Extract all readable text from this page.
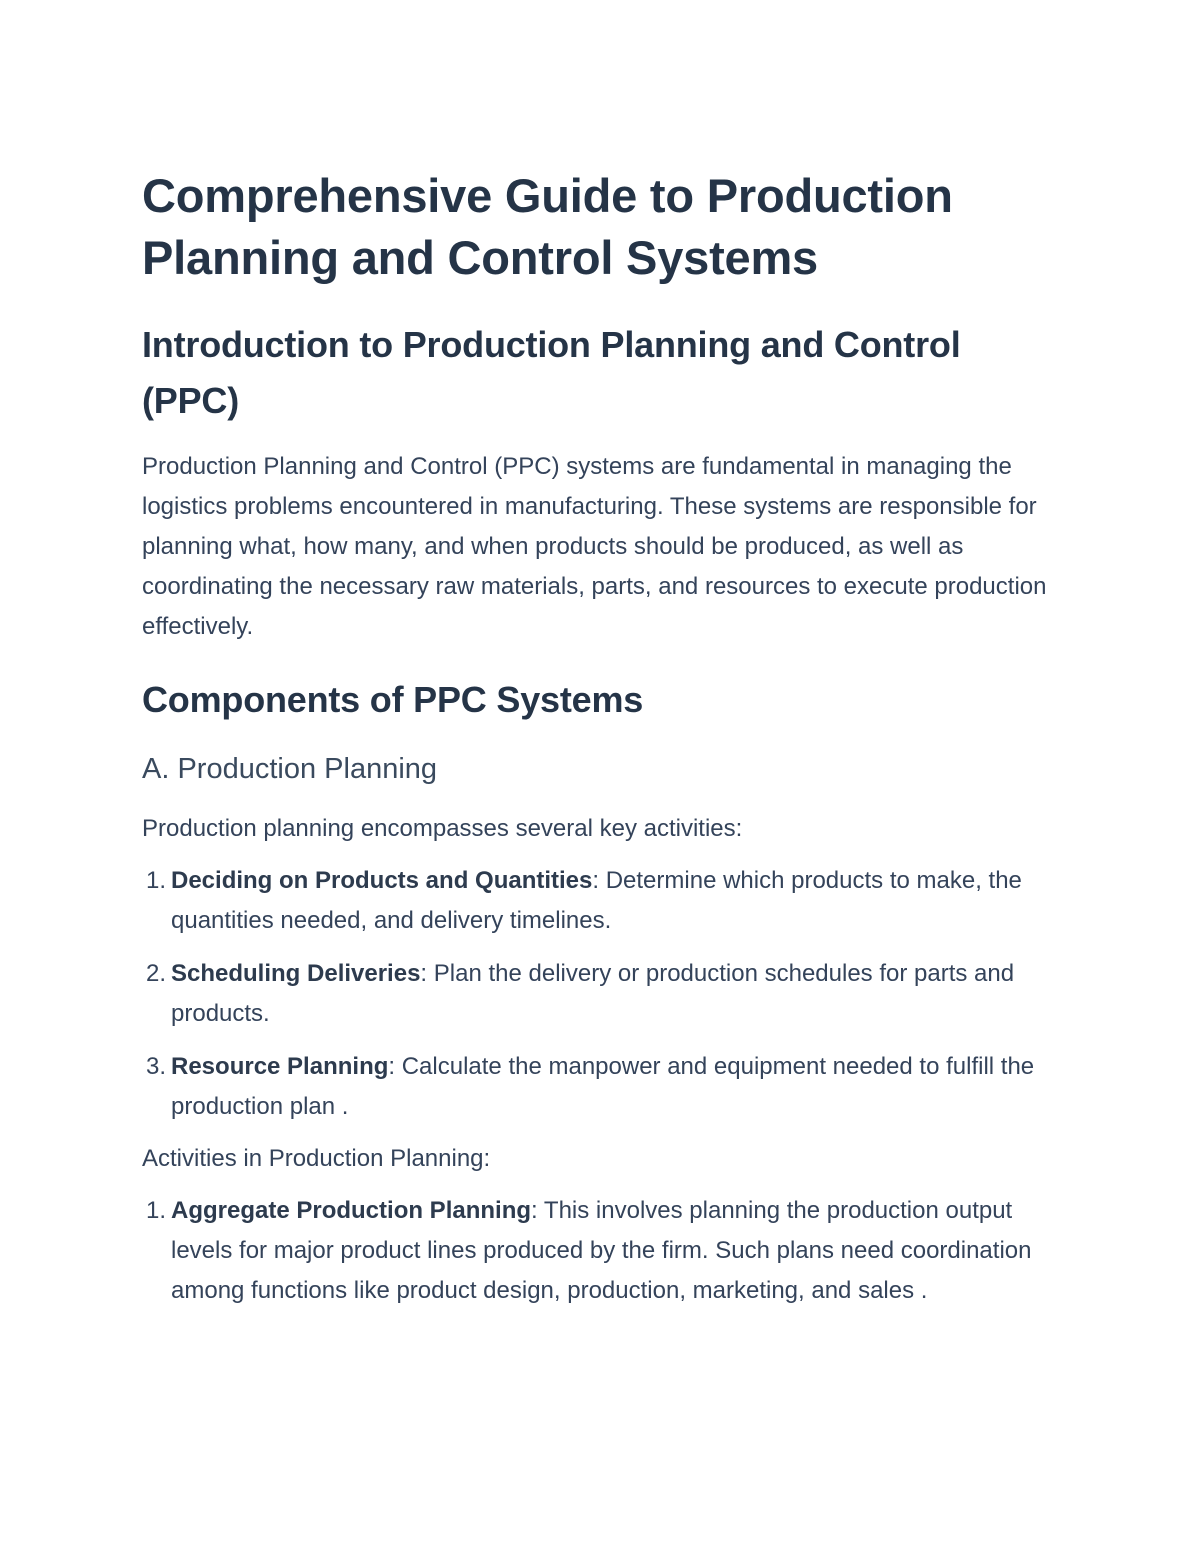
Comprehensive Guide to Production Planning and Control Systems
Introduction to Production Planning and Control (PPC)

Production Planning and Control (PPC) systems are fundamental in managing the logistics problems encountered in manufacturing. These systems are responsible for planning what, how many, and when products should be produced, as well as coordinating the necessary raw materials, parts, and resources to execute production effectively.

Components of PPC Systems
A. Production Planning

Production planning encompasses several key activities:

1. Deciding on Products and Quantities: Determine which products to make, the quantities needed, and delivery timelines.
2. Scheduling Deliveries: Plan the delivery or production schedules for parts and products.
3. Resource Planning: Calculate the manpower and equipment needed to fulfill the production plan .

Activities in Production Planning:

1. Aggregate Production Planning: This involves planning the production output levels for major product lines produced by the firm. Such plans need coordination among functions like product design, production, marketing, and sales .
